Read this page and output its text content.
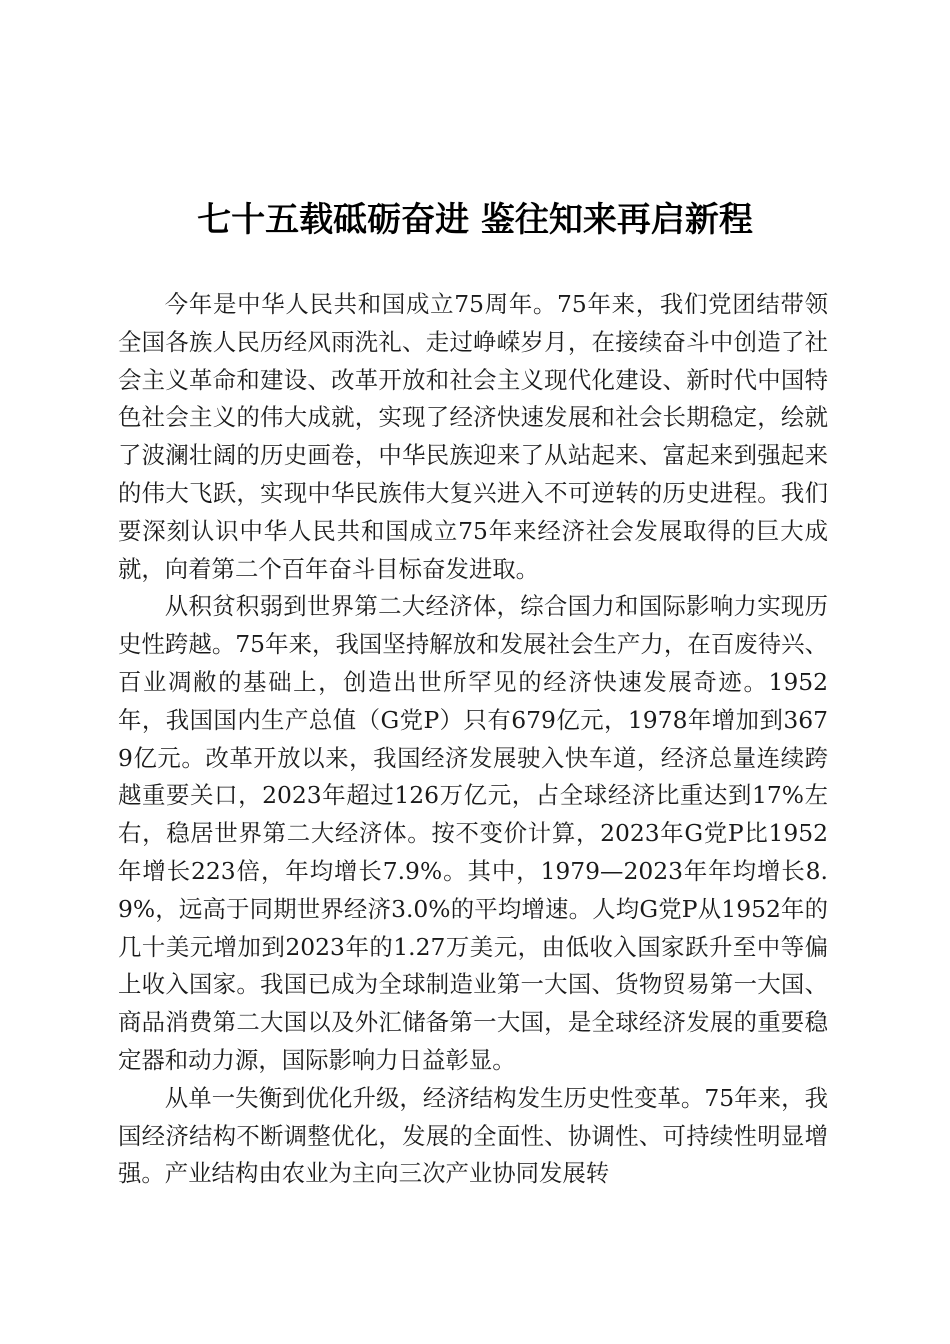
七十五载砥砺奋进 鉴往知来再启新程

今年是中华人民共和国成立75周年。75年来，我们党团结带领全国各族人民历经风雨洗礼、走过峥嵘岁月，在接续奋斗中创造了社会主义革命和建设、改革开放和社会主义现代化建设、新时代中国特色社会主义的伟大成就，实现了经济快速发展和社会长期稳定，绘就了波澜壮阔的历史画卷，中华民族迎来了从站起来、富起来到强起来的伟大飞跃，实现中华民族伟大复兴进入不可逆转的历史进程。我们要深刻认识中华人民共和国成立75年来经济社会发展取得的巨大成就，向着第二个百年奋斗目标奋发进取。

从积贫积弱到世界第二大经济体，综合国力和国际影响力实现历史性跨越。75年来，我国坚持解放和发展社会生产力，在百废待兴、百业凋敝的基础上，创造出世所罕见的经济快速发展奇迹。1952年，我国国内生产总值（G党P）只有679亿元，1978年增加到3679亿元。改革开放以来，我国经济发展驶入快车道，经济总量连续跨越重要关口，2023年超过126万亿元，占全球经济比重达到17%左右，稳居世界第二大经济体。按不变价计算，2023年G党P比1952年增长223倍，年均增长7.9%。其中，1979—2023年年均增长8.9%，远高于同期世界经济3.0%的平均增速。人均G党P从1952年的几十美元增加到2023年的1.27万美元，由低收入国家跃升至中等偏上收入国家。我国已成为全球制造业第一大国、货物贸易第一大国、商品消费第二大国以及外汇储备第一大国，是全球经济发展的重要稳定器和动力源，国际影响力日益彰显。

从单一失衡到优化升级，经济结构发生历史性变革。75年来，我国经济结构不断调整优化，发展的全面性、协调性、可持续性明显增强。产业结构由农业为主向三次产业协同发展转
